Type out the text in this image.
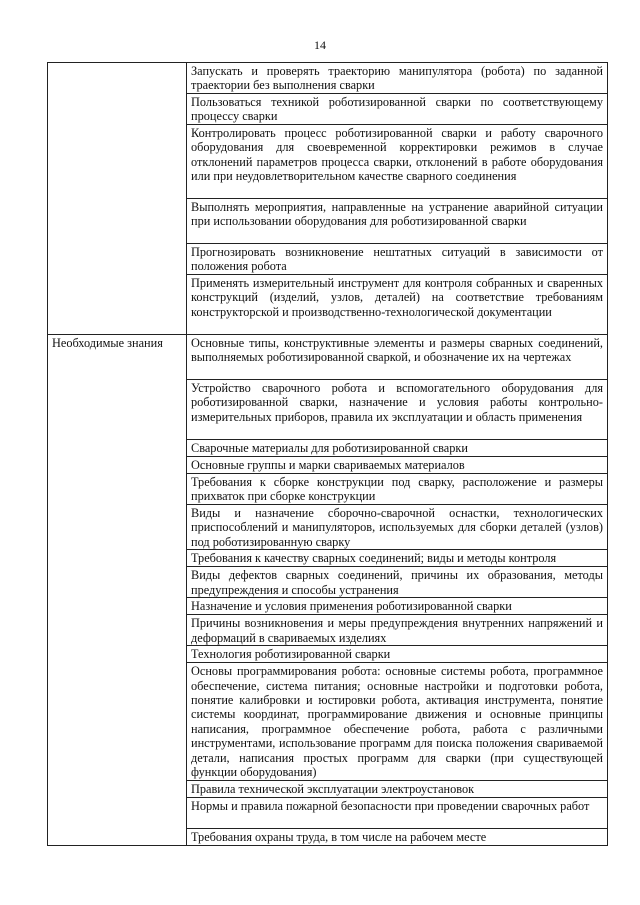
14

	Запускать и проверять траекторию манипулятора (робота) по заданной траектории без выполнения сварки

	Пользоваться техникой роботизированной сварки по соответствующему процессу сварки

	Контролировать процесс роботизированной сварки и работу сварочного оборудования для своевременной корректировки режимов в случае отклонений параметров процесса сварки, отклонений в работе оборудования или при неудовлетворительном качестве сварного соединения

	Выполнять мероприятия, направленные на устранение аварийной ситуации при использовании оборудования для роботизированной сварки

	Прогнозировать возникновение нештатных ситуаций в зависимости от положения робота

	Применять измерительный инструмент для контроля собранных и сваренных конструкций (изделий, узлов, деталей) на соответствие требованиям конструкторской и производственно-технологической документации

Необходимые знания	Основные типы, конструктивные элементы и размеры сварных соединений, выполняемых роботизированной сваркой, и обозначение их на чертежах

	Устройство сварочного робота и вспомогательного оборудования для роботизированной сварки, назначение и условия работы контрольно-измерительных приборов, правила их эксплуатации и область применения

	Сварочные материалы для роботизированной сварки

	Основные группы и марки свариваемых материалов

	Требования к сборке конструкции под сварку, расположение и размеры прихваток при сборке конструкции

	Виды и назначение сборочно-сварочной оснастки, технологических приспособлений и манипуляторов, используемых для сборки деталей (узлов) под роботизированную сварку

	Требования к качеству сварных соединений; виды и методы контроля

	Виды дефектов сварных соединений, причины их образования, методы предупреждения и способы устранения

	Назначение и условия применения роботизированной сварки

	Причины возникновения и меры предупреждения внутренних напряжений и деформаций в свариваемых изделиях

	Технология роботизированной сварки

	Основы программирования робота: основные системы робота, программное обеспечение, система питания; основные настройки и подготовки робота, понятие калибровки и юстировки робота, активация инструмента, понятие системы координат, программирование движения и основные принципы написания, программное обеспечение робота, работа с различными инструментами, использование программ для поиска положения свариваемой детали, написания простых программ для сварки (при существующей функции оборудования)

	Правила технической эксплуатации электроустановок

	Нормы и правила пожарной безопасности при проведении сварочных работ

	Требования охраны труда, в том числе на рабочем месте
